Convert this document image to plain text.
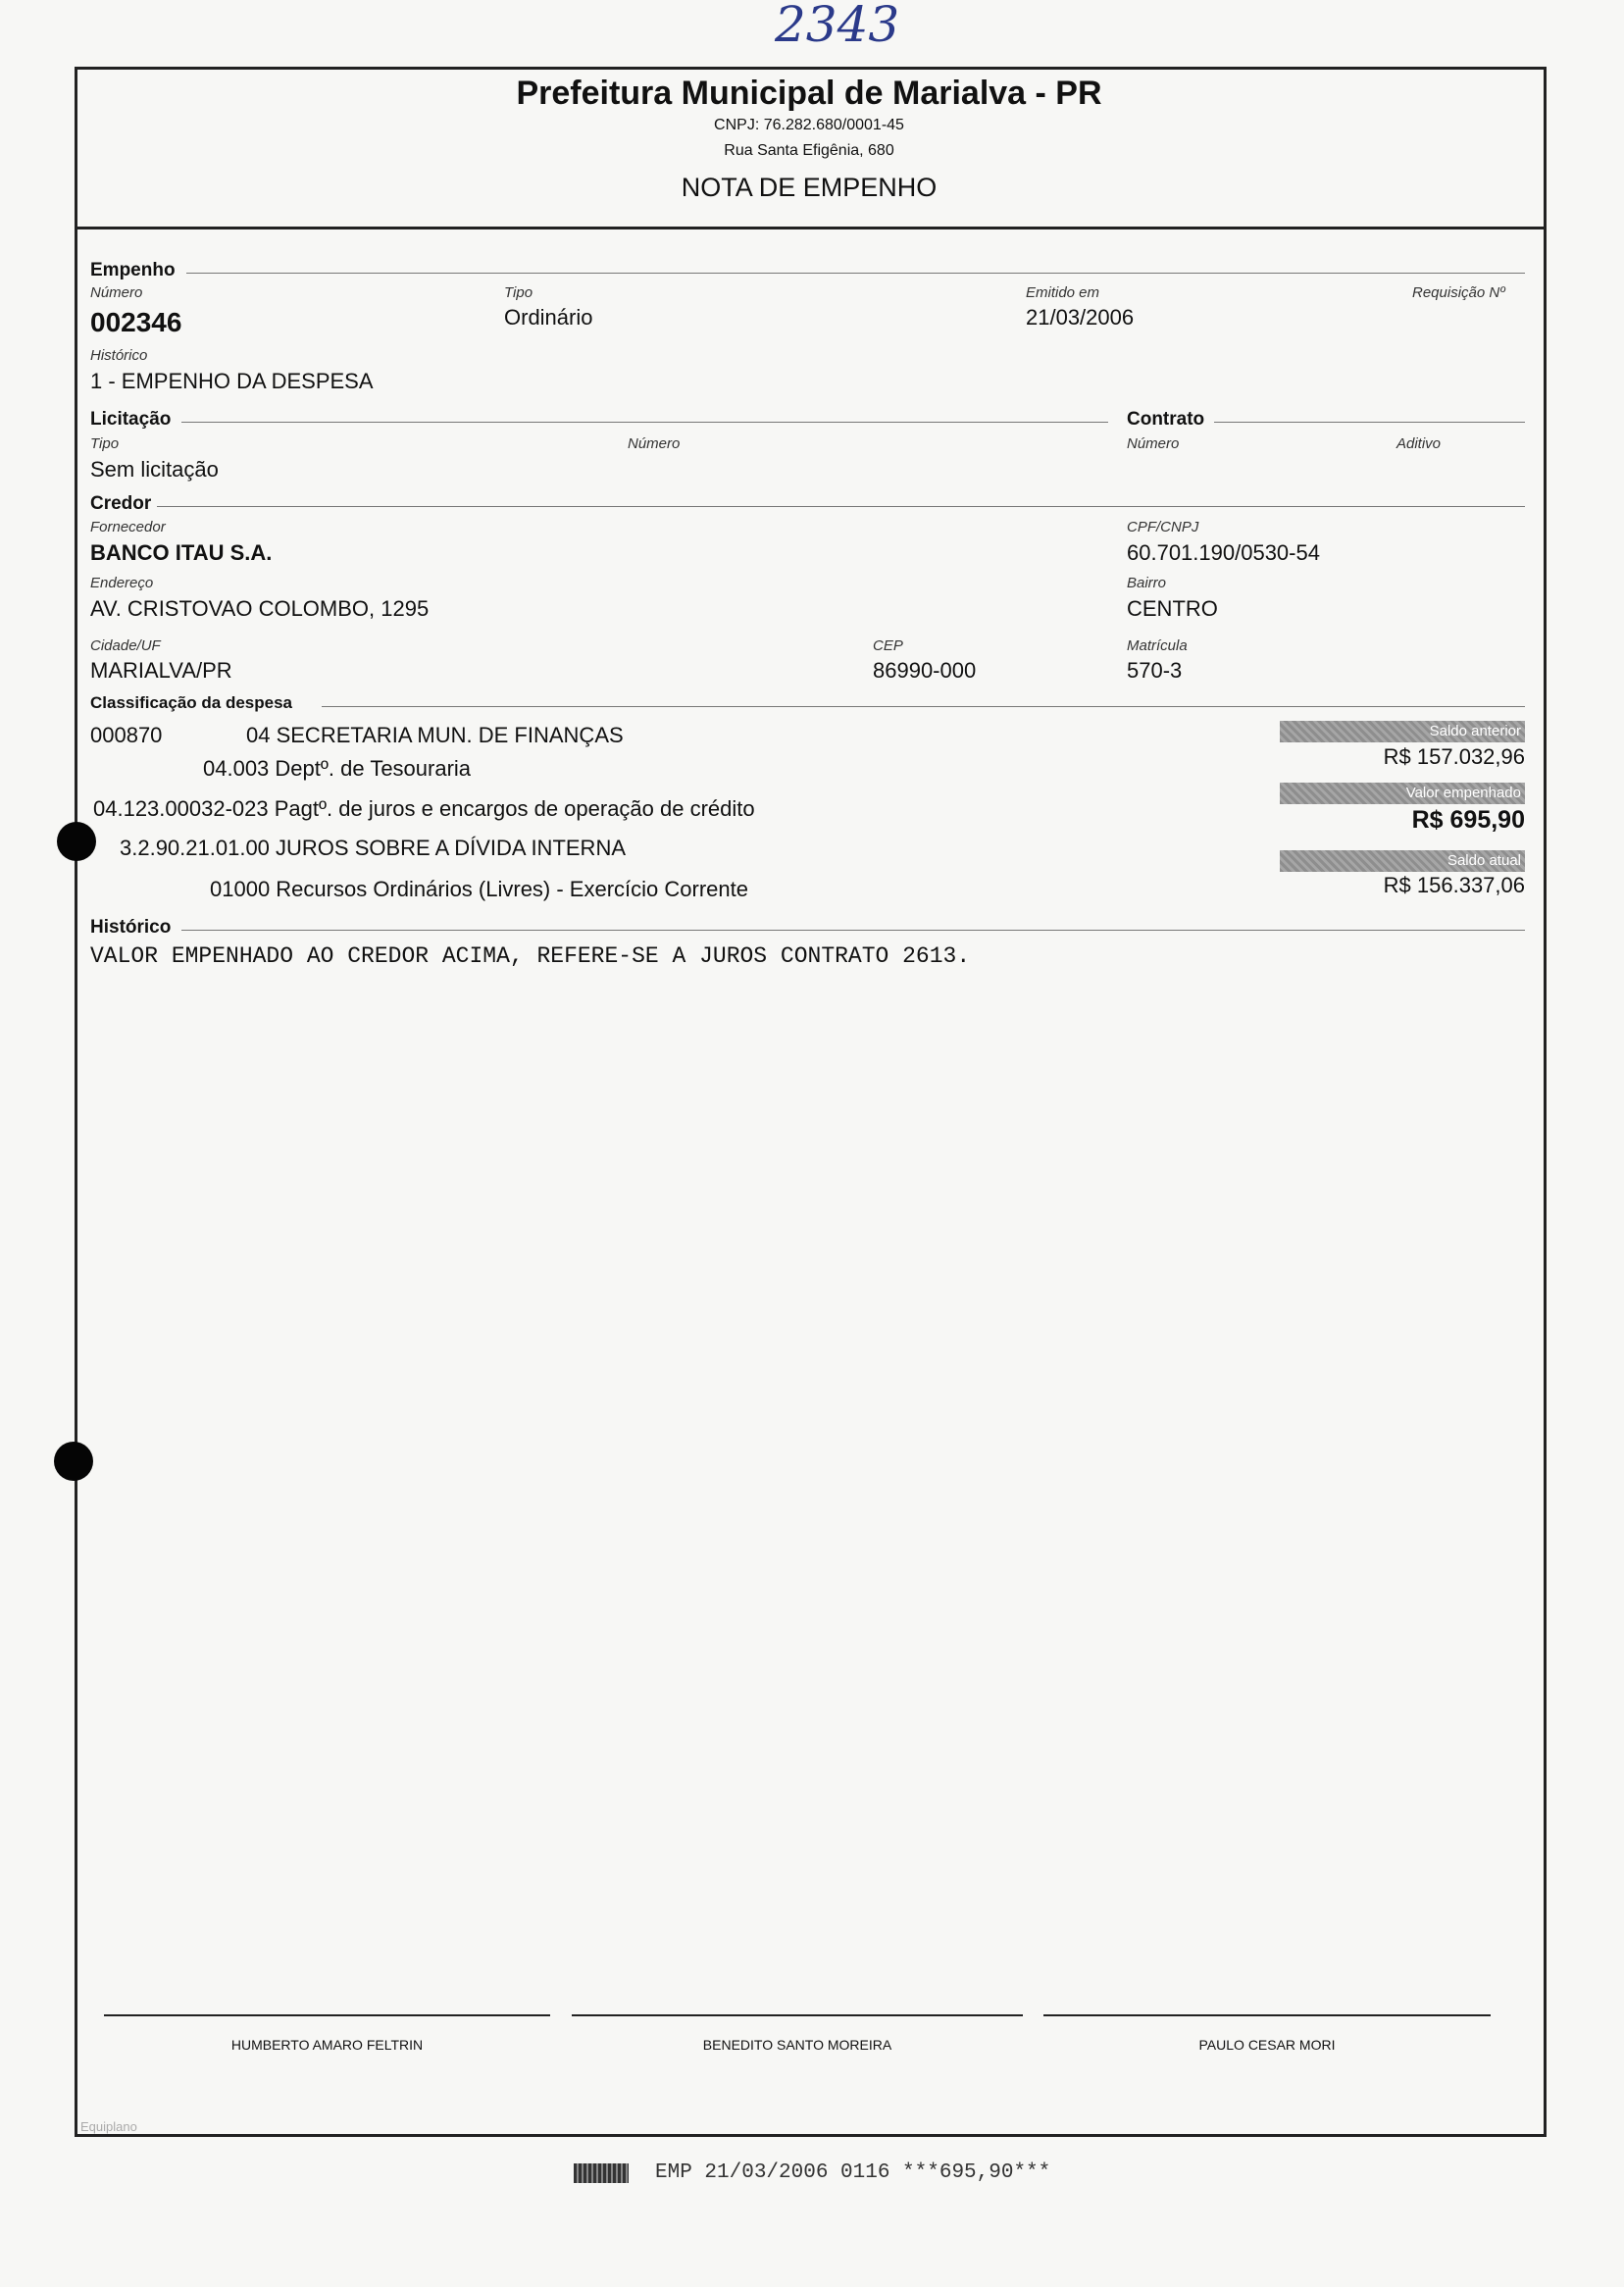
2343
Prefeitura Municipal de Marialva - PR
CNPJ: 76.282.680/0001-45
Rua Santa Efigênia, 680
NOTA DE EMPENHO
Empenho
Número
002346
Tipo
Ordinário
Emitido em
21/03/2006
Requisição Nº
Histórico
1 - EMPENHO DA DESPESA
Licitação	Contrato
Tipo
Sem licitação
Número	Número	Aditivo
Credor
Fornecedor
BANCO ITAU S.A.
CPF/CNPJ
60.701.190/0530-54
Endereço
AV. CRISTOVAO COLOMBO, 1295
Bairro
CENTRO
Cidade/UF
MARIALVA/PR
CEP
86990-000
Matrícula
570-3
Classificação da despesa
000870	04 SECRETARIA MUN. DE FINANÇAS
04.003 Deptº. de Tesouraria
04.123.00032-023 Pagtº. de juros e encargos de operação de crédito
3.2.90.21.01.00 JUROS SOBRE A DÍVIDA INTERNA
01000 Recursos Ordinários (Livres) - Exercício Corrente
Saldo anterior
R$ 157.032,96
Valor empenhado
R$ 695,90
Saldo atual
R$ 156.337,06
Histórico
VALOR EMPENHADO AO CREDOR ACIMA, REFERE-SE A JUROS CONTRATO 2613.
HUMBERTO AMARO FELTRIN	BENEDITO SANTO MOREIRA	PAULO CESAR MORI
Equiplano
EMP 21/03/2006 0116 ***695,90***
